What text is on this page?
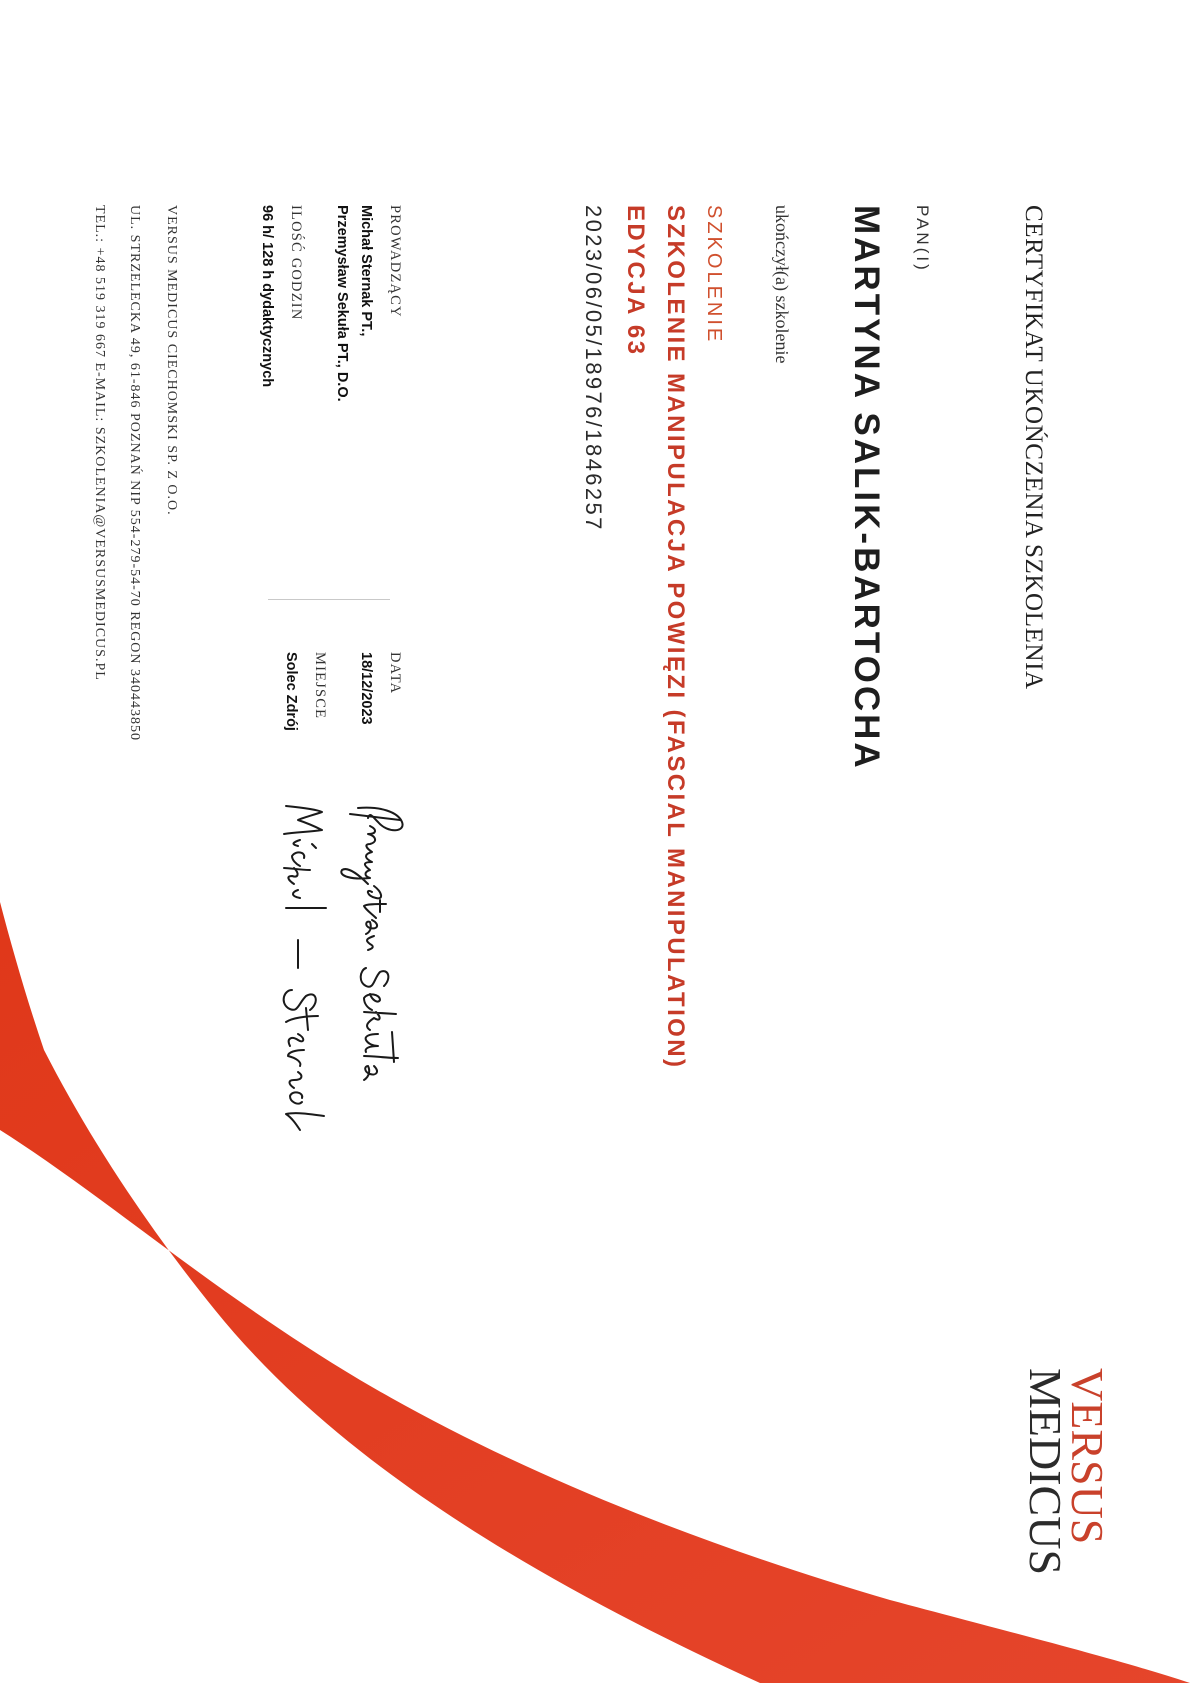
CERTYFIKAT UKOŃCZENIA SZKOLENIA

PAN(I)

MARTYNA SALIK-BARTOCHA

ukończył(a) szkolenie

SZKOLENIE

SZKOLENIE MANIPULACJA POWIĘZI (FASCIAL MANIPULATION)

EDYCJA 63

2023/06/05/18976/1846257

PROWADZĄCY

Michał Sternak PT.,

Przemysław Sekuła PT., D.O.

ILOŚĆ GODZIN

96 h/ 128 h dydaktycznych

DATA

18/12/2023

MIEJSCE

Solec Zdrój

VERSUS MEDICUS CIECHOMSKI SP. Z O.O.

UL. STRZELECKA 49, 61-846 POZNAŃ NIP 554-279-54-70 REGON 340443850

TEL.: +48 519 319 667 E-MAIL: SZKOLENIA@VERSUSMEDICUS.PL

VERSUS

MEDICUS
